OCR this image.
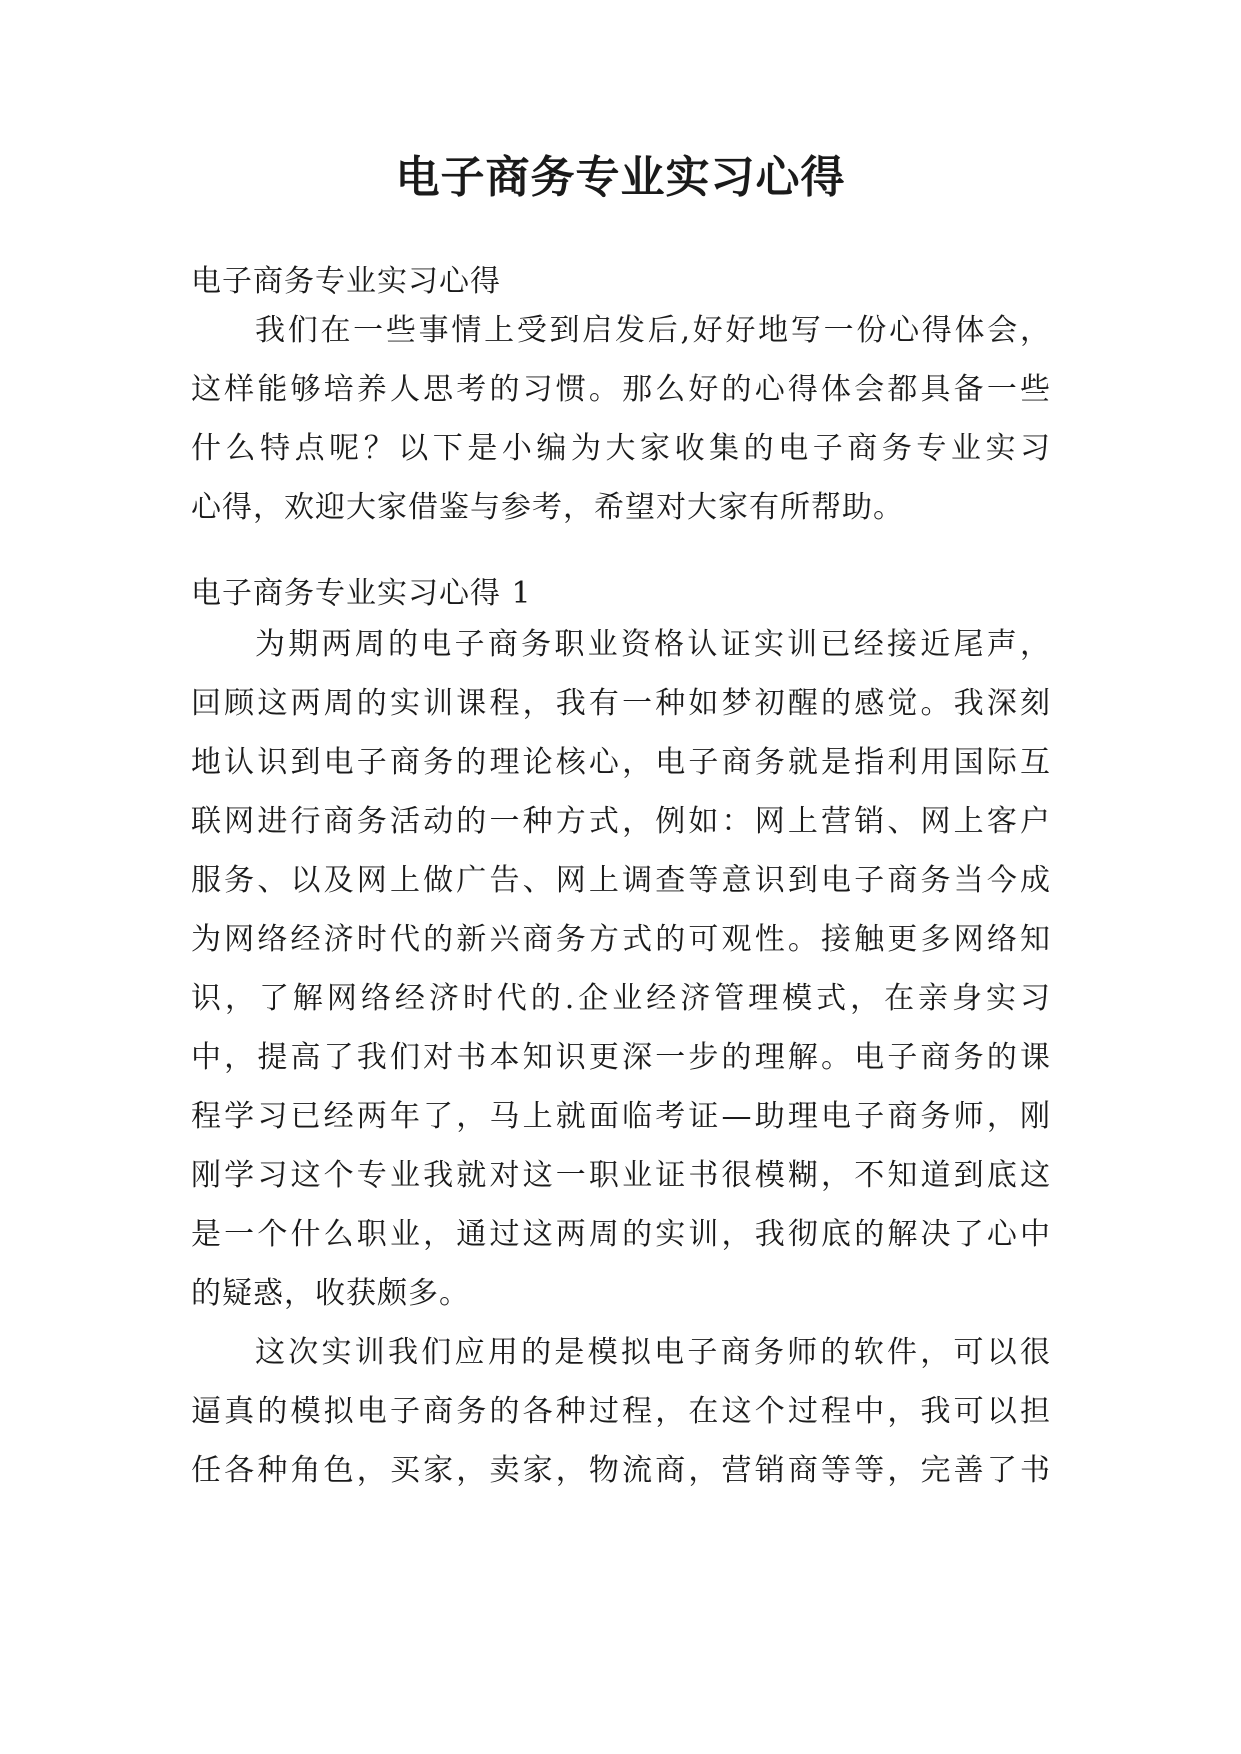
电子商务专业实习心得

电子商务专业实习心得

我们在一些事情上受到启发后,好好地写一份心得体会，
这样能够培养人思考的习惯。那么好的心得体会都具备一些
什么特点呢？以下是小编为大家收集的电子商务专业实习
心得，欢迎大家借鉴与参考，希望对大家有所帮助。

电子商务专业实习心得 1

为期两周的电子商务职业资格认证实训已经接近尾声，
回顾这两周的实训课程，我有一种如梦初醒的感觉。我深刻
地认识到电子商务的理论核心，电子商务就是指利用国际互
联网进行商务活动的一种方式，例如：网上营销、网上客户
服务、以及网上做广告、网上调查等意识到电子商务当今成
为网络经济时代的新兴商务方式的可观性。接触更多网络知
识，了解网络经济时代的.企业经济管理模式，在亲身实习
中，提高了我们对书本知识更深一步的理解。电子商务的课
程学习已经两年了，马上就面临考证—助理电子商务师，刚
刚学习这个专业我就对这一职业证书很模糊，不知道到底这
是一个什么职业，通过这两周的实训，我彻底的解决了心中
的疑惑，收获颇多。
这次实训我们应用的是模拟电子商务师的软件，可以很
逼真的模拟电子商务的各种过程，在这个过程中，我可以担
任各种角色，买家，卖家，物流商，营销商等等，完善了书
